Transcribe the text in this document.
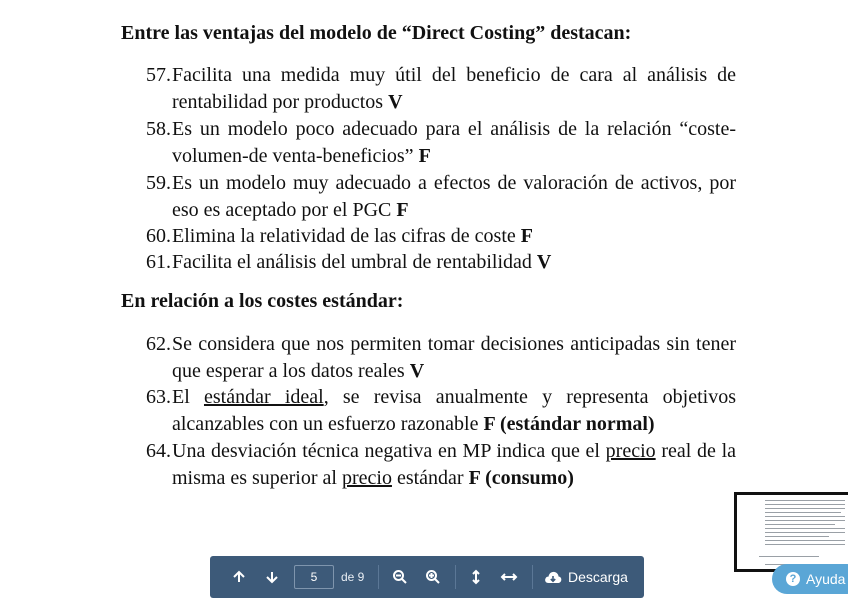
Entre las ventajas del modelo de “Direct Costing” destacan:
57. Facilita una medida muy útil del beneficio de cara al análisis de rentabilidad por productos V
58. Es un modelo poco adecuado para el análisis de la relación “coste-volumen-de venta-beneficios” F
59. Es un modelo muy adecuado a efectos de valoración de activos, por eso es aceptado por el PGC F
60. Elimina la relatividad de las cifras de coste F
61. Facilita el análisis del umbral de rentabilidad V
En relación a los costes estándar:
62. Se considera que nos permiten tomar decisiones anticipadas sin tener que esperar a los datos reales V
63. El estándar ideal, se revisa anualmente y representa objetivos alcanzables con un esfuerzo razonable F (estándar normal)
64. Una desviación técnica negativa en MP indica que el precio real de la misma es superior al precio estándar F (consumo)
? Ayuda
Descarga
5
de 9
